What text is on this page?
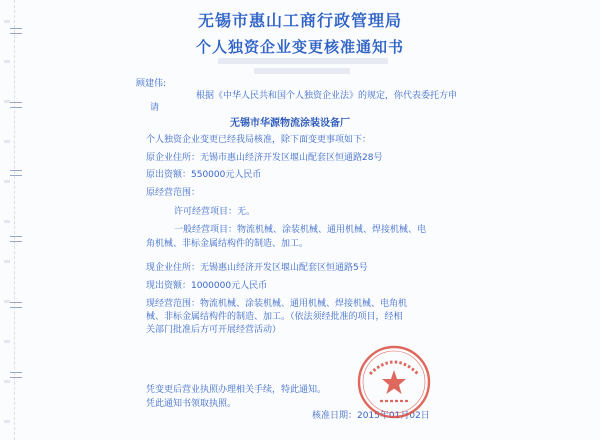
无锡市惠山工商行政管理局
个人独资企业变更核准通知书
顾建伟:
根据《中华人民共和国个人独资企业法》的规定，你代表委托方申
请
无锡市华源物流涂装设备厂
个人独资企业变更已经我局核准，除下面变更事项如下：
原企业住所：无锡市惠山经济开发区堰山配套区恒通路28号
原出资额：550000元人民币
原经营范围：
许可经营项目：无。
一般经营项目：物流机械、涂装机械、通用机械、焊接机械、电
角机械、非标金属结构件的制造、加工。
现企业住所：无锡惠山经济开发区堰山配套区恒通路5号
现出资额：1000000元人民币
现经营范围：物流机械、涂装机械、通用机械、焊接机械、电角机
械、非标金属结构件的制造、加工。（依法须经批准的项目，经相
关部门批准后方可开展经营活动）
凭变更后营业执照办理相关手续，特此通知。
凭此通知书领取执照。
核准日期：2015年01月02日
